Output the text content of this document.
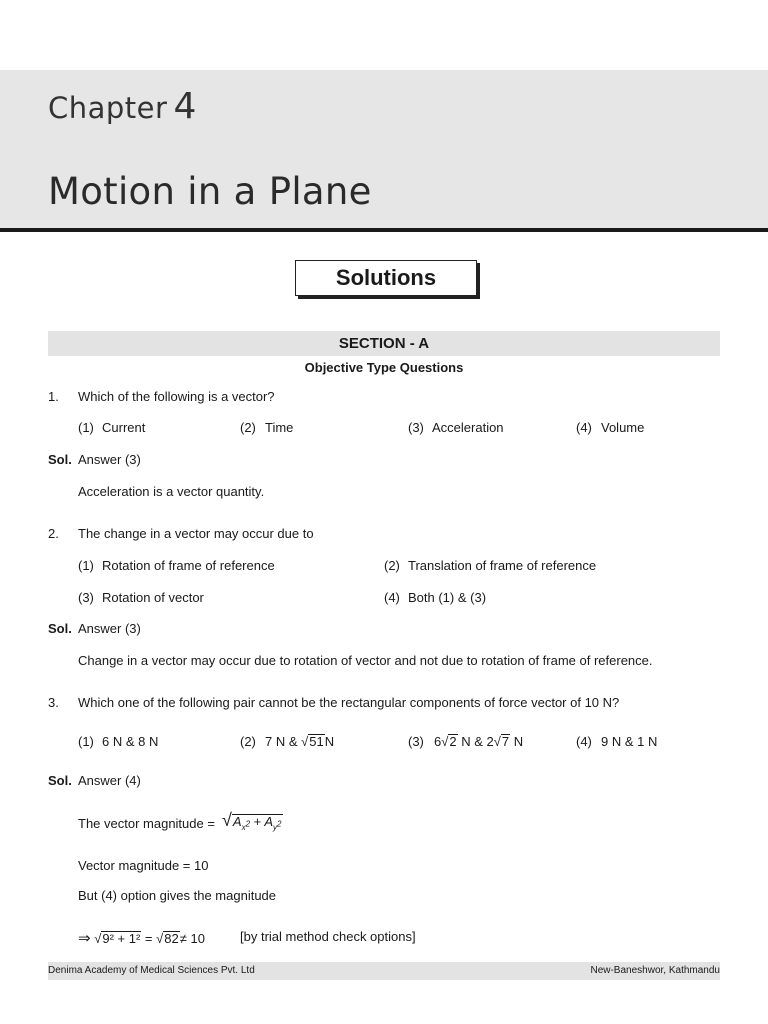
Chapter 4
Motion in a Plane
Solutions
SECTION - A
Objective Type Questions
1. Which of the following is a vector?
(1) Current	(2) Time	(3) Acceleration	(4) Volume
Sol. Answer (3)
Acceleration is a vector quantity.
2. The change in a vector may occur due to
(1) Rotation of frame of reference	(2) Translation of frame of reference
(3) Rotation of vector	(4) Both (1) & (3)
Sol. Answer (3)
Change in a vector may occur due to rotation of vector and not due to rotation of frame of reference.
3. Which one of the following pair cannot be the rectangular components of force vector of 10 N?
(1) 6 N & 8 N	(2) 7 N & √51N	(3) 6√2 N & 2√7 N	(4) 9 N & 1 N
Sol. Answer (4)
The vector magnitude = $√A_{x^2} + A_{y^2}$
Vector magnitude = 10
But (4) option gives the magnitude
⇒ √9² + 1² = √82≠ 10	[by trial method check options]
Denima Academy of Medical Sciences Pvt. Ltd	New-Baneshwor, Kathmandu
